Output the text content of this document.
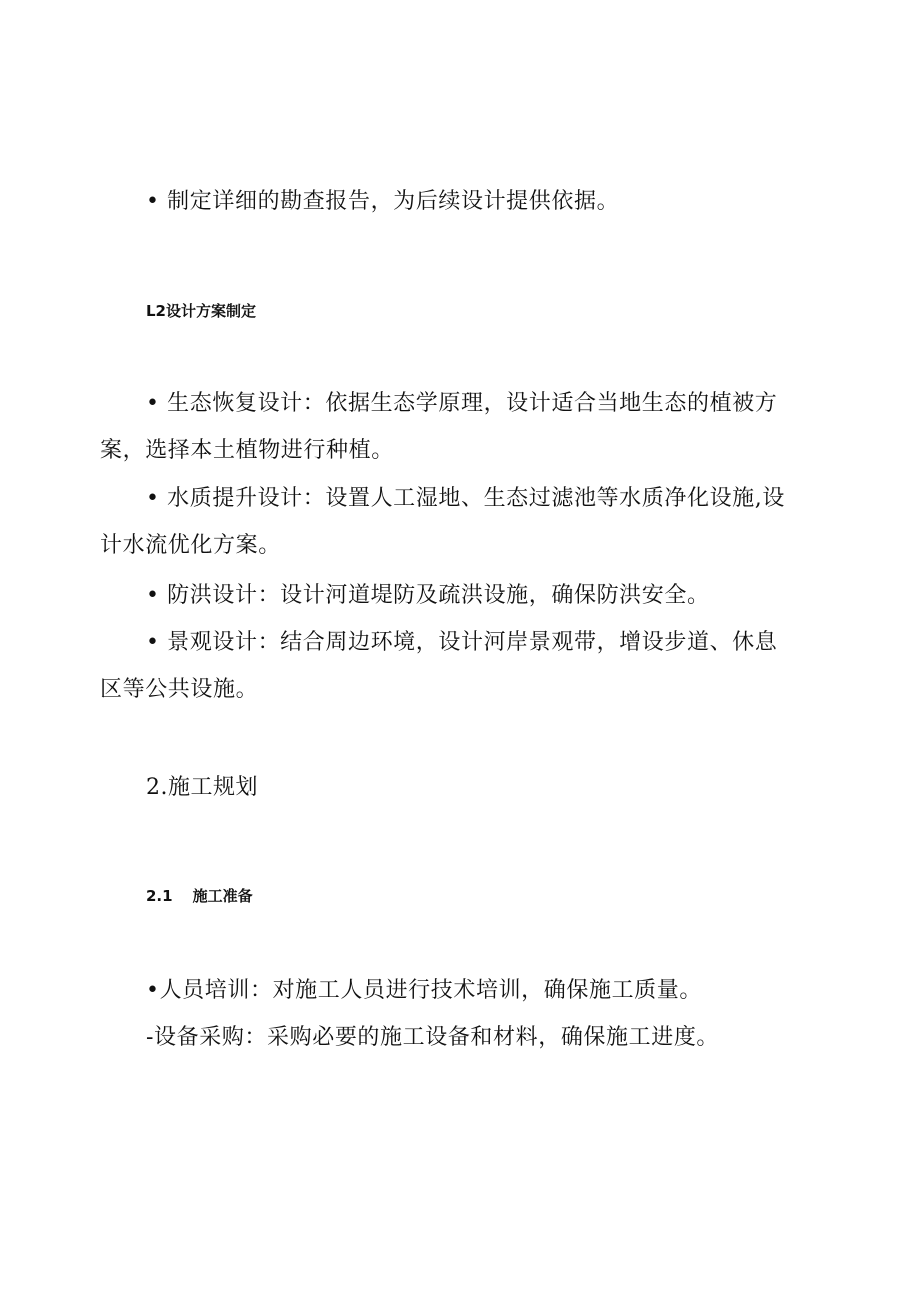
• 制定详细的勘查报告，为后续设计提供依据。
L2设计方案制定
• 生态恢复设计：依据生态学原理，设计适合当地生态的植被方
案，选择本土植物进行种植。
• 水质提升设计：设置人工湿地、生态过滤池等水质净化设施,设
计水流优化方案。
• 防洪设计：设计河道堤防及疏洪设施，确保防洪安全。
• 景观设计：结合周边环境，设计河岸景观带，增设步道、休息
区等公共设施。
2.施工规划
2.1 施工准备
•人员培训：对施工人员进行技术培训，确保施工质量。
-设备采购：采购必要的施工设备和材料，确保施工进度。
